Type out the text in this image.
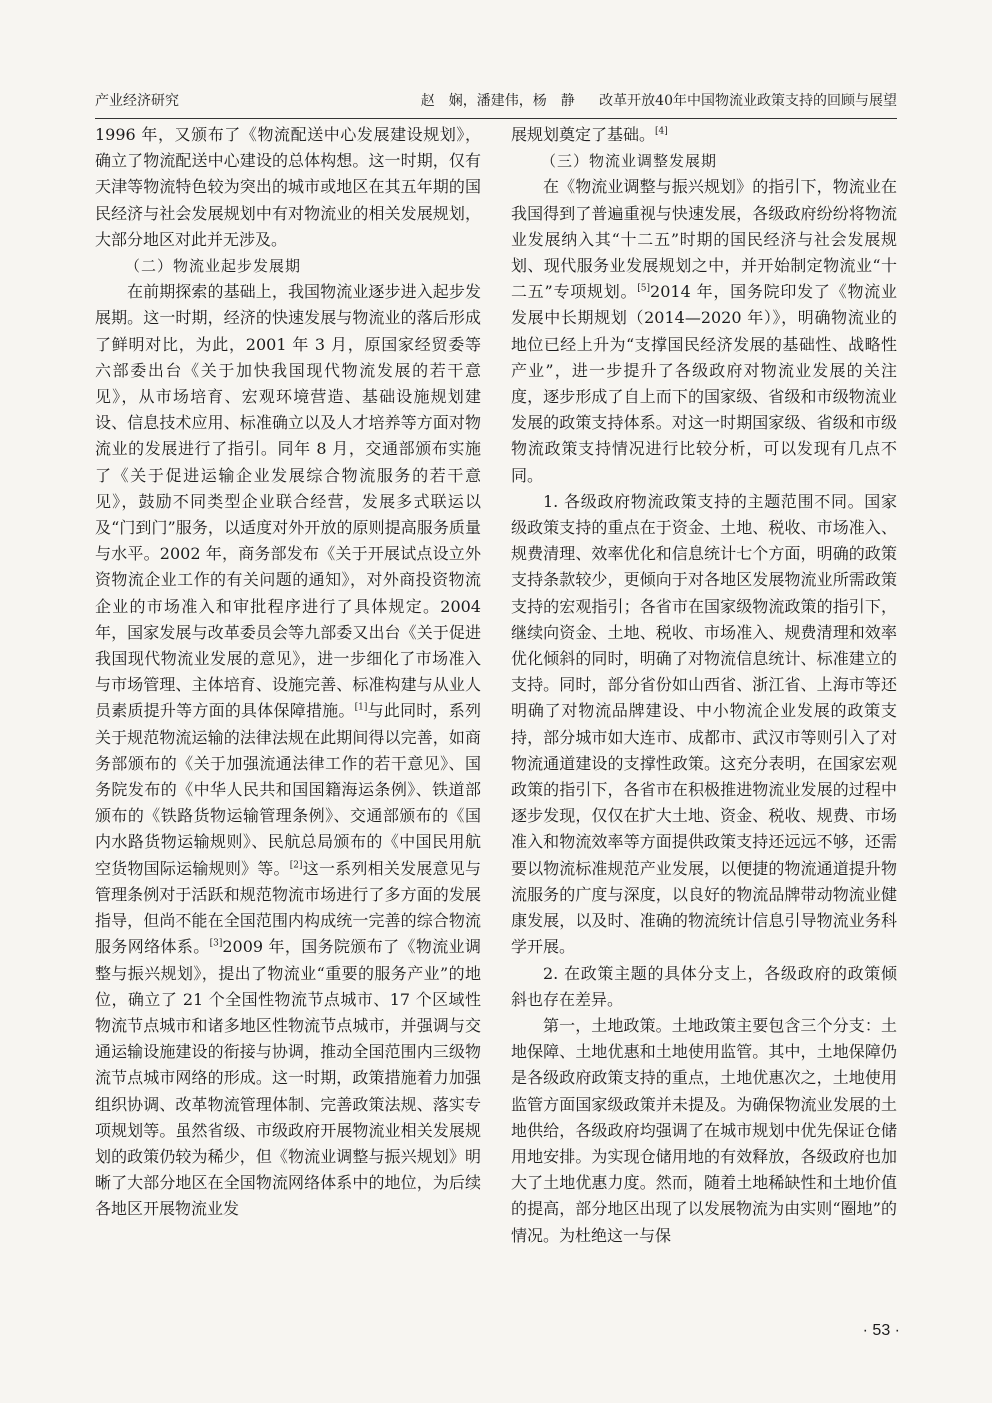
产业经济研究	赵　娴，潘建伟，杨　静 改革开放40年中国物流业政策支持的回顾与展望

1996 年，又颁布了《物流配送中心发展建设规划》，确立了物流配送中心建设的总体构想。这一时期，仅有天津等物流特色较为突出的城市或地区在其五年期的国民经济与社会发展规划中有对物流业的相关发展规划，大部分地区对此并无涉及。

（二）物流业起步发展期

在前期探索的基础上，我国物流业逐步进入起步发展期。这一时期，经济的快速发展与物流业的落后形成了鲜明对比，为此，2001 年 3 月，原国家经贸委等六部委出台《关于加快我国现代物流发展的若干意见》，从市场培育、宏观环境营造、基础设施规划建设、信息技术应用、标准确立以及人才培养等方面对物流业的发展进行了指引。同年 8 月，交通部颁布实施了《关于促进运输企业发展综合物流服务的若干意见》，鼓励不同类型企业联合经营，发展多式联运以及“门到门”服务，以适度对外开放的原则提高服务质量与水平。2002 年，商务部发布《关于开展试点设立外资物流企业工作的有关问题的通知》，对外商投资物流企业的市场准入和审批程序进行了具体规定。2004 年，国家发展与改革委员会等九部委又出台《关于促进我国现代物流业发展的意见》，进一步细化了市场准入与市场管理、主体培育、设施完善、标准构建与从业人员素质提升等方面的具体保障措施。[1]与此同时，系列关于规范物流运输的法律法规在此期间得以完善，如商务部颁布的《关于加强流通法律工作的若干意见》、国务院发布的《中华人民共和国国籍海运条例》、铁道部颁布的《铁路货物运输管理条例》、交通部颁布的《国内水路货物运输规则》、民航总局颁布的《中国民用航空货物国际运输规则》等。[2]这一系列相关发展意见与管理条例对于活跃和规范物流市场进行了多方面的发展指导，但尚不能在全国范围内构成统一完善的综合物流服务网络体系。[3]2009 年，国务院颁布了《物流业调整与振兴规划》，提出了物流业“重要的服务产业”的地位，确立了 21 个全国性物流节点城市、17 个区域性物流节点城市和诸多地区性物流节点城市，并强调与交通运输设施建设的衔接与协调，推动全国范围内三级物流节点城市网络的形成。这一时期，政策措施着力加强组织协调、改革物流管理体制、完善政策法规、落实专项规划等。虽然省级、市级政府开展物流业相关发展规划的政策仍较为稀少，但《物流业调整与振兴规划》明晰了大部分地区在全国物流网络体系中的地位，为后续各地区开展物流业发

展规划奠定了基础。[4]

（三）物流业调整发展期

在《物流业调整与振兴规划》的指引下，物流业在我国得到了普遍重视与快速发展，各级政府纷纷将物流业发展纳入其“十二五”时期的国民经济与社会发展规划、现代服务业发展规划之中，并开始制定物流业“十二五”专项规划。[5]2014 年，国务院印发了《物流业发展中长期规划（2014—2020 年）》，明确物流业的地位已经上升为“支撑国民经济发展的基础性、战略性产业”，进一步提升了各级政府对物流业发展的关注度，逐步形成了自上而下的国家级、省级和市级物流业发展的政策支持体系。对这一时期国家级、省级和市级物流政策支持情况进行比较分析，可以发现有几点不同。

1. 各级政府物流政策支持的主题范围不同。国家级政策支持的重点在于资金、土地、税收、市场准入、规费清理、效率优化和信息统计七个方面，明确的政策支持条款较少，更倾向于对各地区发展物流业所需政策支持的宏观指引；各省市在国家级物流政策的指引下，继续向资金、土地、税收、市场准入、规费清理和效率优化倾斜的同时，明确了对物流信息统计、标准建立的支持。同时，部分省份如山西省、浙江省、上海市等还明确了对物流品牌建设、中小物流企业发展的政策支持，部分城市如大连市、成都市、武汉市等则引入了对物流通道建设的支撑性政策。这充分表明，在国家宏观政策的指引下，各省市在积极推进物流业发展的过程中逐步发现，仅仅在扩大土地、资金、税收、规费、市场准入和物流效率等方面提供政策支持还远远不够，还需要以物流标准规范产业发展，以便捷的物流通道提升物流服务的广度与深度，以良好的物流品牌带动物流业健康发展，以及时、准确的物流统计信息引导物流业务科学开展。

2. 在政策主题的具体分支上，各级政府的政策倾斜也存在差异。

第一，土地政策。土地政策主要包含三个分支：土地保障、土地优惠和土地使用监管。其中，土地保障仍是各级政府政策支持的重点，土地优惠次之，土地使用监管方面国家级政策并未提及。为确保物流业发展的土地供给，各级政府均强调了在城市规划中优先保证仓储用地安排。为实现仓储用地的有效释放，各级政府也加大了土地优惠力度。然而，随着土地稀缺性和土地价值的提高，部分地区出现了以发展物流为由实则“圈地”的情况。为杜绝这一与保

· 53 ·
